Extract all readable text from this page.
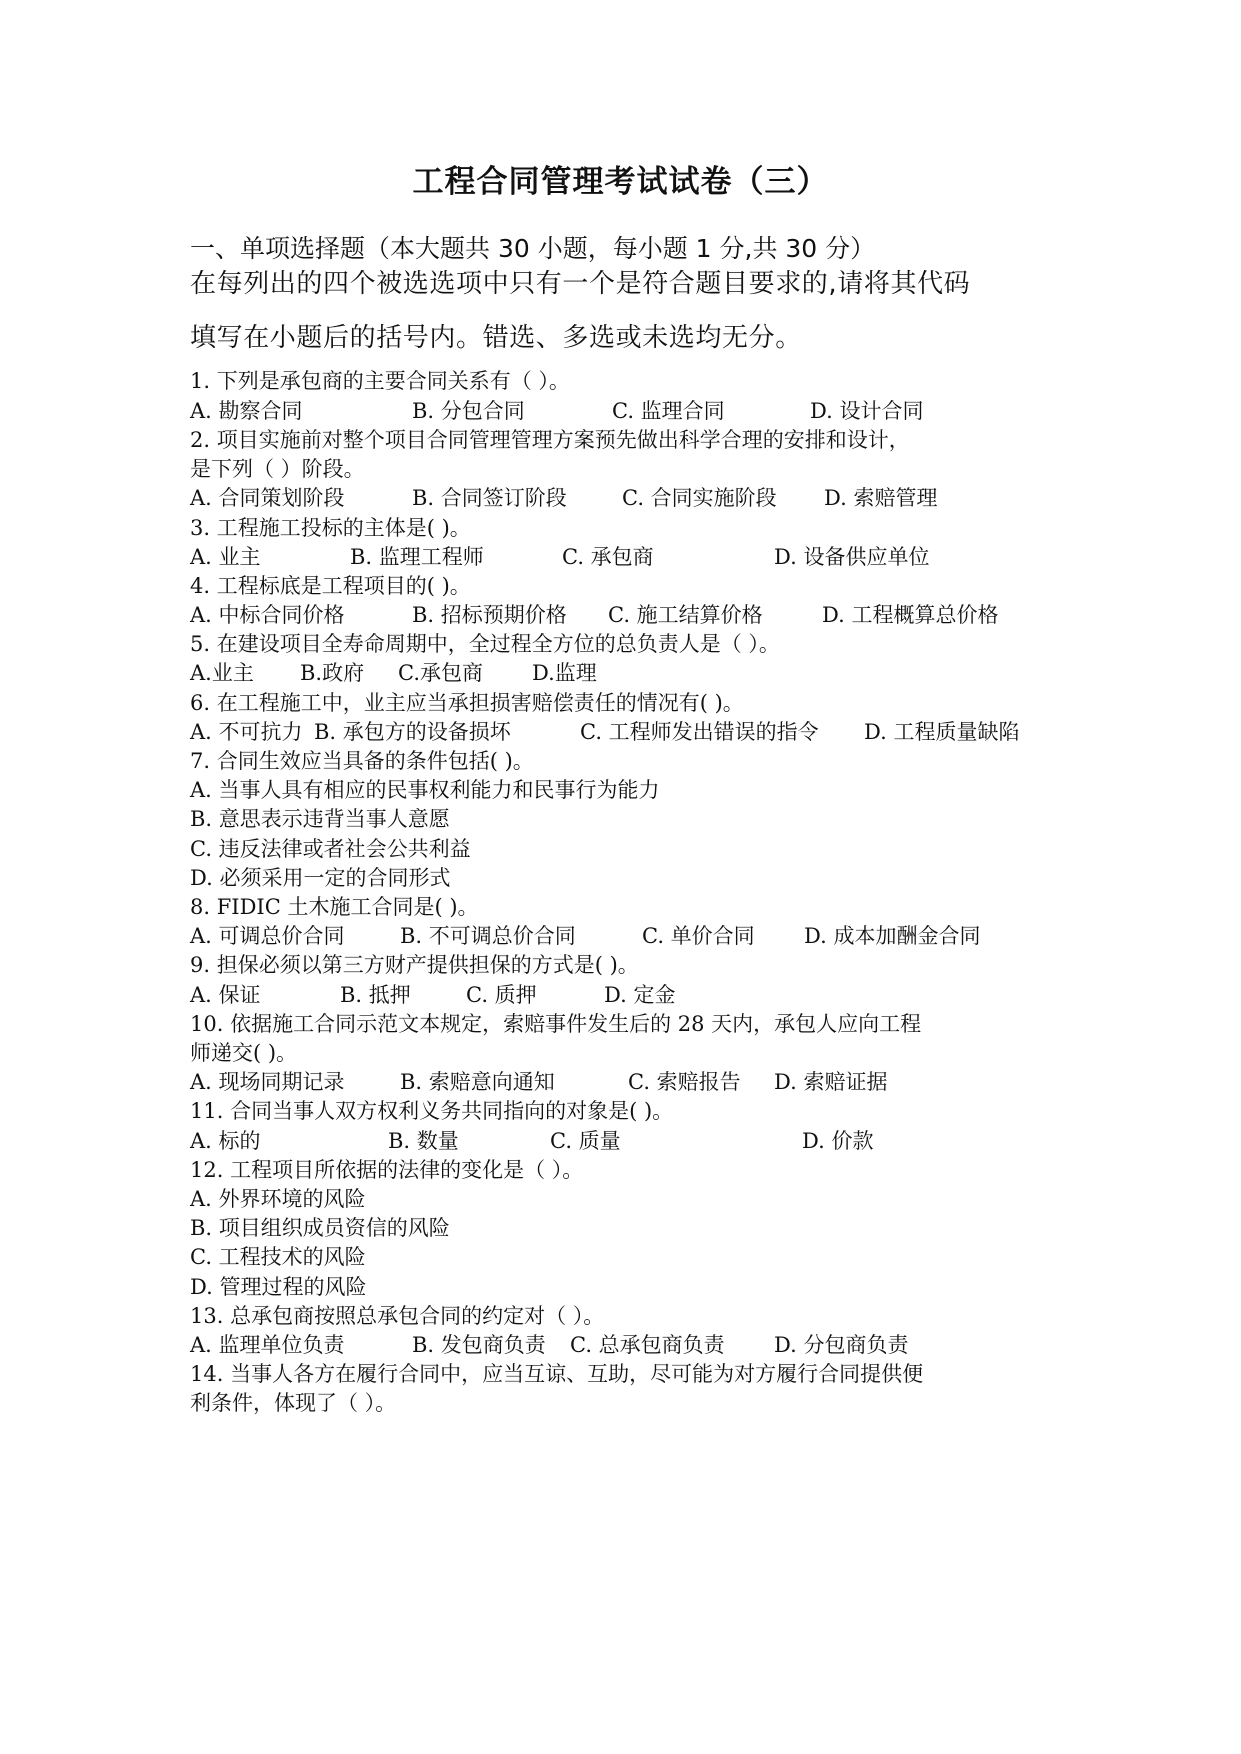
工程合同管理考试试卷（三）
一、单项选择题（本大题共 30 小题，每小题 1 分,共 30 分）
在每列出的四个被选选项中只有一个是符合题目要求的,请将其代码
填写在小题后的括号内。错选、多选或未选均无分。
1. 下列是承包商的主要合同关系有（ ）。
A. 勘察合同	B. 分包合同	C. 监理合同	D. 设计合同
2. 项目实施前对整个项目合同管理管理方案预先做出科学合理的安排和设计，
是下列（ ）阶段。
A. 合同策划阶段	B. 合同签订阶段	C. 合同实施阶段 D. 索赔管理
3. 工程施工投标的主体是( )。
A. 业主	B. 监理工程师	C. 承包商	D. 设备供应单位
4. 工程标底是工程项目的( )。
A. 中标合同价格	B. 招标预期价格 C. 施工结算价格	D. 工程概算总价格
5. 在建设项目全寿命周期中，全过程全方位的总负责人是（ ）。
A.业主 B.政府 C.承包商 D.监理
6. 在工程施工中，业主应当承担损害赔偿责任的情况有( )。
A. 不可抗力 B. 承包方的设备损坏	C. 工程师发出错误的指令 D. 工程质量缺陷
7. 合同生效应当具备的条件包括( )。
A. 当事人具有相应的民事权利能力和民事行为能力
B. 意思表示违背当事人意愿
C. 违反法律或者社会公共利益
D. 必须采用一定的合同形式
8. FIDIC 土木施工合同是( )。
A. 可调总价合同	B. 不可调总价合同	C. 单价合同 D. 成本加酬金合同
9. 担保必须以第三方财产提供担保的方式是( )。
A. 保证	B. 抵押	C. 质押	D. 定金
10. 依据施工合同示范文本规定，索赔事件发生后的 28 天内，承包人应向工程
师递交( )。
A. 现场同期记录	B. 索赔意向通知	C. 索赔报告 D. 索赔证据
11. 合同当事人双方权利义务共同指向的对象是( )。
A. 标的	B. 数量	C. 质量	D. 价款
12. 工程项目所依据的法律的变化是（ ）。
A. 外界环境的风险
B. 项目组织成员资信的风险
C. 工程技术的风险
D. 管理过程的风险
13. 总承包商按照总承包合同的约定对（ ）。
A. 监理单位负责	B. 发包商负责 C. 总承包商负责 D. 分包商负责
14. 当事人各方在履行合同中，应当互谅、互助，尽可能为对方履行合同提供便
利条件，体现了（ ）。
